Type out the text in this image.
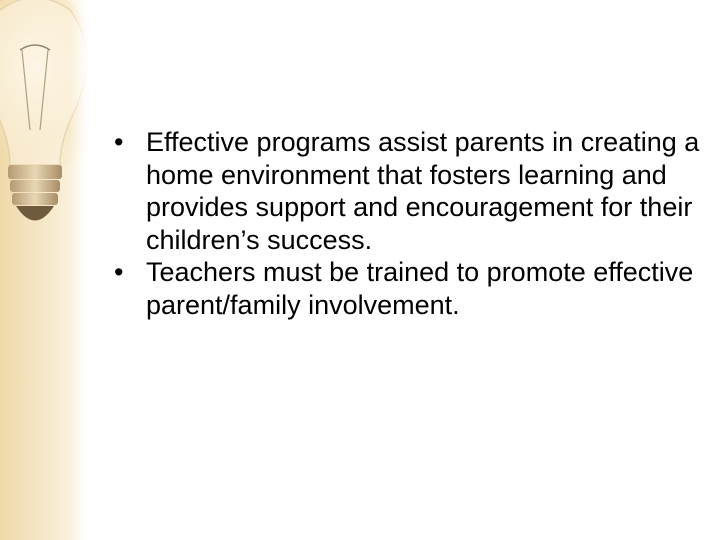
• Effective programs assist parents in creating a home environment that fosters learning and provides support and encouragement for their children’s success.
• Teachers must be trained to promote effective parent/family involvement.
